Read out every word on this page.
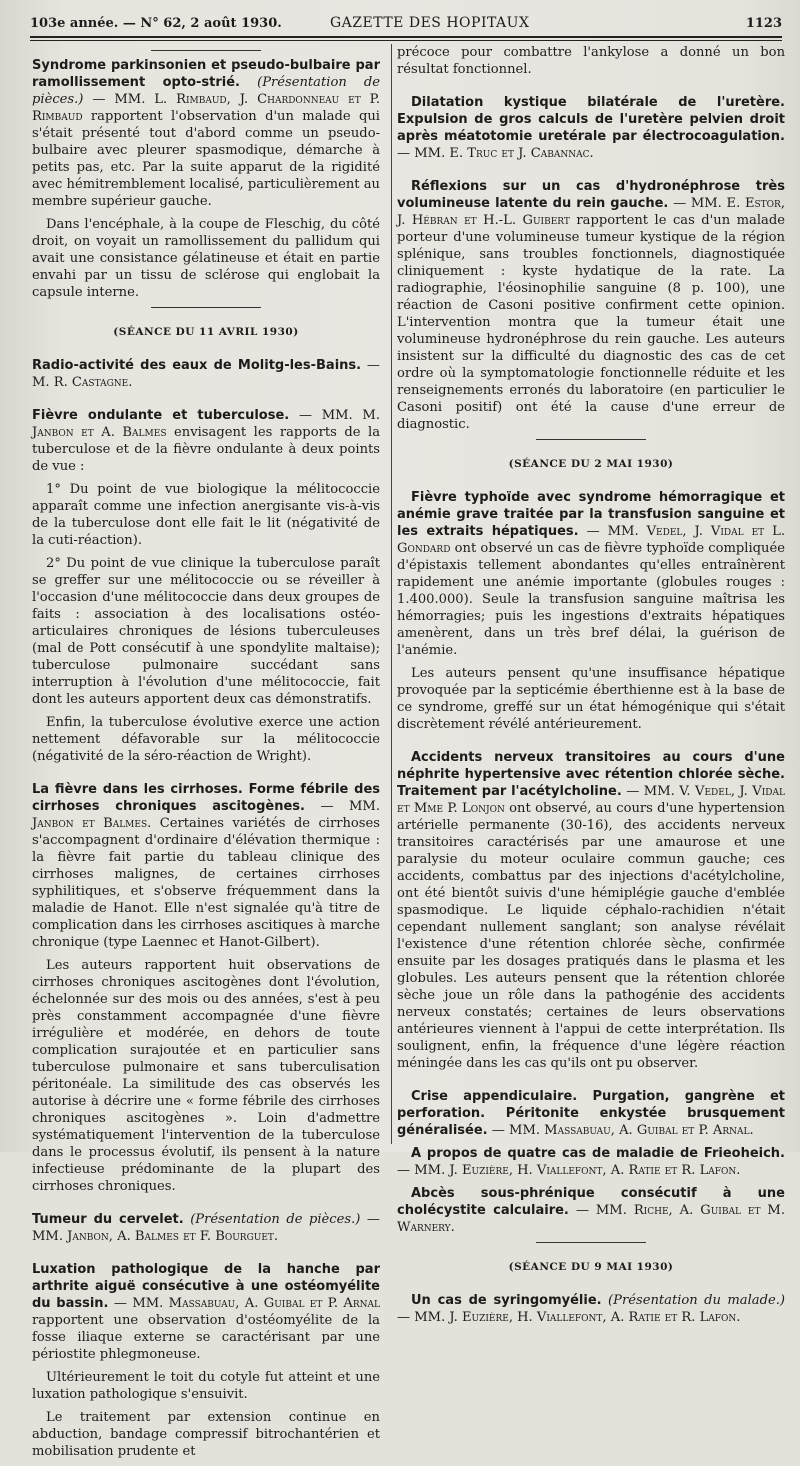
103e année. — N° 62, 2 août 1930.	GAZETTE DES HOPITAUX	1123

Syndrome parkinsonien et pseudo-bulbaire par ramollissement opto-strié. (Présentation de pièces.) — MM. L. Rimbaud, J. Chardonneau et P. Rimbaud rapportent l'observation d'un malade qui s'était présenté tout d'abord comme un pseudo-bulbaire avec pleurer spasmodique, démarche à petits pas, etc. Par la suite apparut de la rigidité avec hémitremblement localisé, particulièrement au membre supérieur gauche.

Dans l'encéphale, à la coupe de Fleschig, du côté droit, on voyait un ramollissement du pallidum qui avait une consistance gélatineuse et était en partie envahi par un tissu de sclérose qui englobait la capsule interne.

(SÉANCE DU 11 AVRIL 1930)

Radio-activité des eaux de Molitg-les-Bains. — M. R. Castagne.

Fièvre ondulante et tuberculose. — MM. M. Janbon et A. Balmes envisagent les rapports de la tuberculose et de la fièvre ondulante à deux points de vue :

1° Du point de vue biologique la mélitococcie apparaît comme une infection anergisante vis-à-vis de la tuberculose dont elle fait le lit (négativité de la cuti-réaction).

2° Du point de vue clinique la tuberculose paraît se greffer sur une mélitococcie ou se réveiller à l'occasion d'une mélitococcie dans deux groupes de faits : association à des localisations ostéo-articulaires chroniques de lésions tuberculeuses (mal de Pott consécutif à une spondylite maltaise); tuberculose pulmonaire succédant sans interruption à l'évolution d'une mélitococcie, fait dont les auteurs apportent deux cas démonstratifs.

Enfin, la tuberculose évolutive exerce une action nettement défavorable sur la mélitococcie (négativité de la séro-réaction de Wright).

La fièvre dans les cirrhoses. Forme fébrile des cirrhoses chroniques ascitogènes. — MM. Janbon et Balmes. Certaines variétés de cirrhoses s'accompagnent d'ordinaire d'élévation thermique : la fièvre fait partie du tableau clinique des cirrhoses malignes, de certaines cirrhoses syphilitiques, et s'observe fréquemment dans la maladie de Hanot. Elle n'est signalée qu'à titre de complication dans les cirrhoses ascitiques à marche chronique (type Laennec et Hanot-Gilbert).

Les auteurs rapportent huit observations de cirrhoses chroniques ascitogènes dont l'évolution, échelonnée sur des mois ou des années, s'est à peu près constamment accompagnée d'une fièvre irrégulière et modérée, en dehors de toute complication surajoutée et en particulier sans tuberculose pulmonaire et sans tuberculisation péritonéale. La similitude des cas observés les autorise à décrire une « forme fébrile des cirrhoses chroniques ascitogènes ». Loin d'admettre systématiquement l'intervention de la tuberculose dans le processus évolutif, ils pensent à la nature infectieuse prédominante de la plupart des cirrhoses chroniques.

Tumeur du cervelet. (Présentation de pièces.) — MM. Janbon, A. Balmes et F. Bourguet.

Luxation pathologique de la hanche par arthrite aiguë consécutive à une ostéomyélite du bassin. — MM. Massabuau, A. Guibal et P. Arnal rapportent une observation d'ostéomyélite de la fosse iliaque externe se caractérisant par une périostite phlegmoneuse.

Ultérieurement le toit du cotyle fut atteint et une luxation pathologique s'ensuivit.

Le traitement par extension continue en abduction, bandage compressif bitrochantérien et mobilisation prudente et

précoce pour combattre l'ankylose a donné un bon résultat fonctionnel.

Dilatation kystique bilatérale de l'uretère. Expulsion de gros calculs de l'uretère pelvien droit après méatotomie uretérale par électrocoagulation. — MM. E. Truc et J. Cabannac.

Réflexions sur un cas d'hydronéphrose très volumineuse latente du rein gauche. — MM. E. Estor, J. Hébran et H.-L. Guibert rapportent le cas d'un malade porteur d'une volumineuse tumeur kystique de la région splénique, sans troubles fonctionnels, diagnostiquée cliniquement : kyste hydatique de la rate. La radiographie, l'éosinophilie sanguine (8 p. 100), une réaction de Casoni positive confirment cette opinion. L'intervention montra que la tumeur était une volumineuse hydronéphrose du rein gauche. Les auteurs insistent sur la difficulté du diagnostic des cas de cet ordre où la symptomatologie fonctionnelle réduite et les renseignements erronés du laboratoire (en particulier le Casoni positif) ont été la cause d'une erreur de diagnostic.

(SÉANCE DU 2 MAI 1930)

Fièvre typhoïde avec syndrome hémorragique et anémie grave traitée par la transfusion sanguine et les extraits hépatiques. — MM. Vedel, J. Vidal et L. Gondard ont observé un cas de fièvre typhoïde compliquée d'épistaxis tellement abondantes qu'elles entraînèrent rapidement une anémie importante (globules rouges : 1.400.000). Seule la transfusion sanguine maîtrisa les hémorragies; puis les ingestions d'extraits hépatiques amenèrent, dans un très bref délai, la guérison de l'anémie.

Les auteurs pensent qu'une insuffisance hépatique provoquée par la septicémie éberthienne est à la base de ce syndrome, greffé sur un état hémogénique qui s'était discrètement révélé antérieurement.

Accidents nerveux transitoires au cours d'une néphrite hypertensive avec rétention chlorée sèche. Traitement par l'acétylcholine. — MM. V. Vedel, J. Vidal et Mme P. Lonjon ont observé, au cours d'une hypertension artérielle permanente (30-16), des accidents nerveux transitoires caractérisés par une amaurose et une paralysie du moteur oculaire commun gauche; ces accidents, combattus par des injections d'acétylcholine, ont été bientôt suivis d'une hémiplégie gauche d'emblée spasmodique. Le liquide céphalo-rachidien n'était cependant nullement sanglant; son analyse révélait l'existence d'une rétention chlorée sèche, confirmée ensuite par les dosages pratiqués dans le plasma et les globules. Les auteurs pensent que la rétention chlorée sèche joue un rôle dans la pathogénie des accidents nerveux constatés; certaines de leurs observations antérieures viennent à l'appui de cette interprétation. Ils soulignent, enfin, la fréquence d'une légère réaction méningée dans les cas qu'ils ont pu observer.

Crise appendiculaire. Purgation, gangrène et perforation. Péritonite enkystée brusquement généralisée. — MM. Massabuau, A. Guibal et P. Arnal.

A propos de quatre cas de maladie de Frieoheich. — MM. J. Euzière, H. Viallefont, A. Ratie et R. Lafon.

Abcès sous-phrénique consécutif à une cholécystite calculaire. — MM. Riche, A. Guibal et M. Warnery.

(SÉANCE DU 9 MAI 1930)

Un cas de syringomyélie. (Présentation du malade.) — MM. J. Euzière, H. Viallefont, A. Ratie et R. Lafon.
